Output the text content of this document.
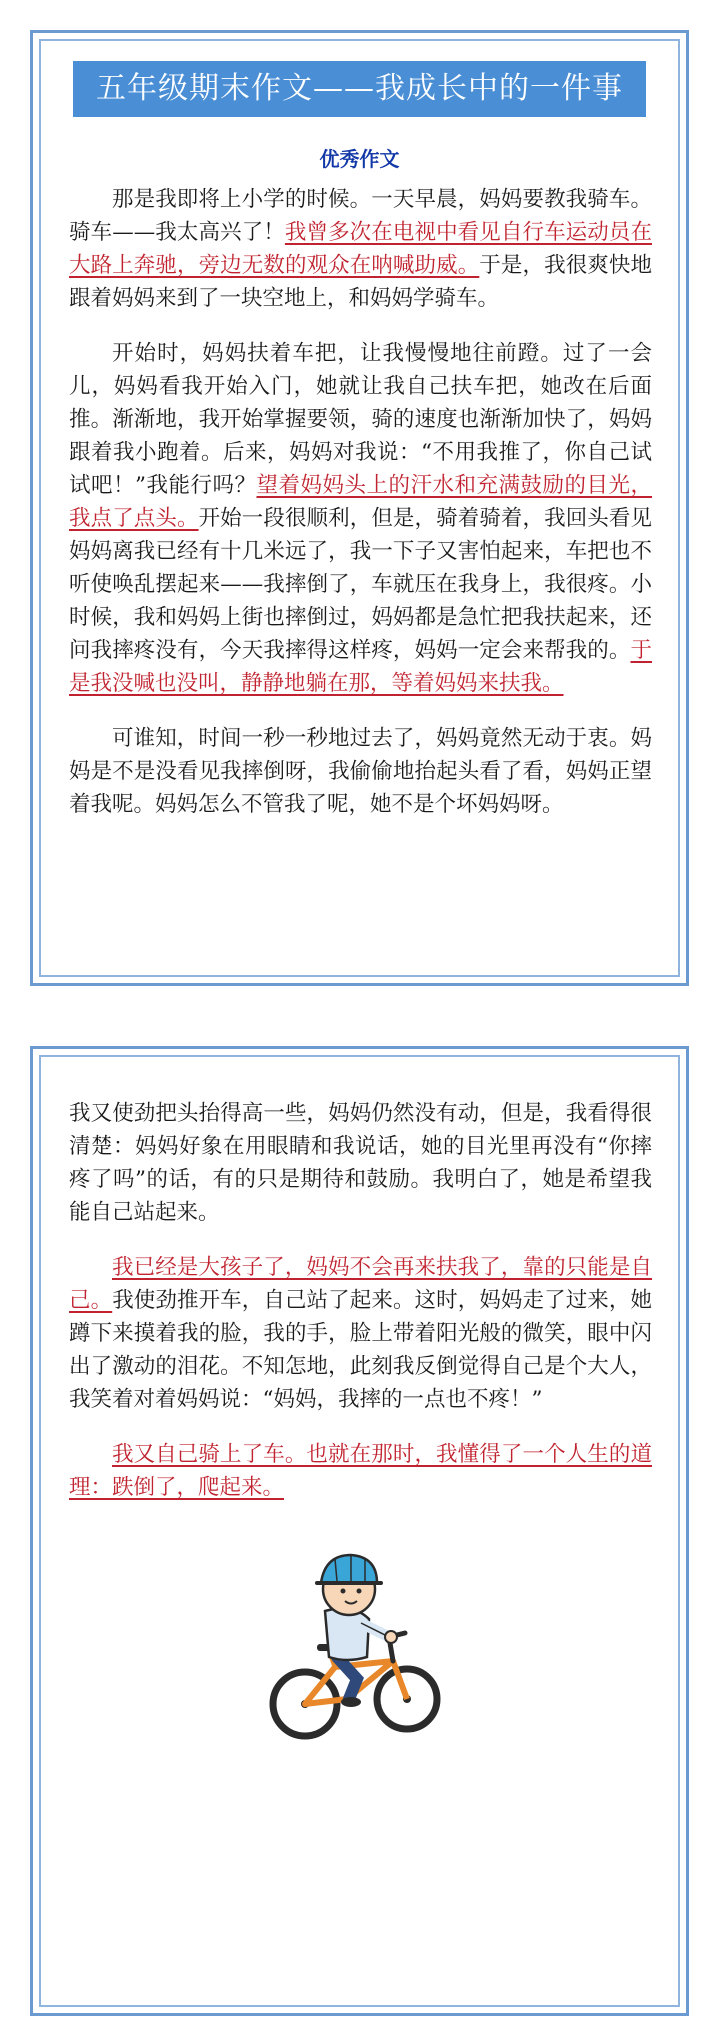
五年级期末作文——我成长中的一件事
优秀作文

那是我即将上小学的时候。一天早晨，妈妈要教我骑车。骑车——我太高兴了！我曾多次在电视中看见自行车运动员在大路上奔驰，旁边无数的观众在呐喊助威。于是，我很爽快地跟着妈妈来到了一块空地上，和妈妈学骑车。

开始时，妈妈扶着车把，让我慢慢地往前蹬。过了一会儿，妈妈看我开始入门，她就让我自己扶车把，她改在后面推。渐渐地，我开始掌握要领，骑的速度也渐渐加快了，妈妈跟着我小跑着。后来，妈妈对我说：“不用我推了，你自己试试吧！”我能行吗？望着妈妈头上的汗水和充满鼓励的目光，我点了点头。开始一段很顺利，但是，骑着骑着，我回头看见妈妈离我已经有十几米远了，我一下子又害怕起来，车把也不听使唤乱摆起来——我摔倒了，车就压在我身上，我很疼。小时候，我和妈妈上街也摔倒过，妈妈都是急忙把我扶起来，还问我摔疼没有，今天我摔得这样疼，妈妈一定会来帮我的。于是我没喊也没叫，静静地躺在那，等着妈妈来扶我。

可谁知，时间一秒一秒地过去了，妈妈竟然无动于衷。妈妈是不是没看见我摔倒呀，我偷偷地抬起头看了看，妈妈正望着我呢。妈妈怎么不管我了呢，她不是个坏妈妈呀。

我又使劲把头抬得高一些，妈妈仍然没有动，但是，我看得很清楚：妈妈好象在用眼睛和我说话，她的目光里再没有“你摔疼了吗”的话，有的只是期待和鼓励。我明白了，她是希望我能自己站起来。

我已经是大孩子了，妈妈不会再来扶我了，靠的只能是自己。我使劲推开车，自己站了起来。这时，妈妈走了过来，她蹲下来摸着我的脸，我的手，脸上带着阳光般的微笑，眼中闪出了激动的泪花。不知怎地，此刻我反倒觉得自己是个大人，我笑着对着妈妈说：“妈妈，我摔的一点也不疼！”

我又自己骑上了车。也就在那时，我懂得了一个人生的道理：跌倒了，爬起来。
